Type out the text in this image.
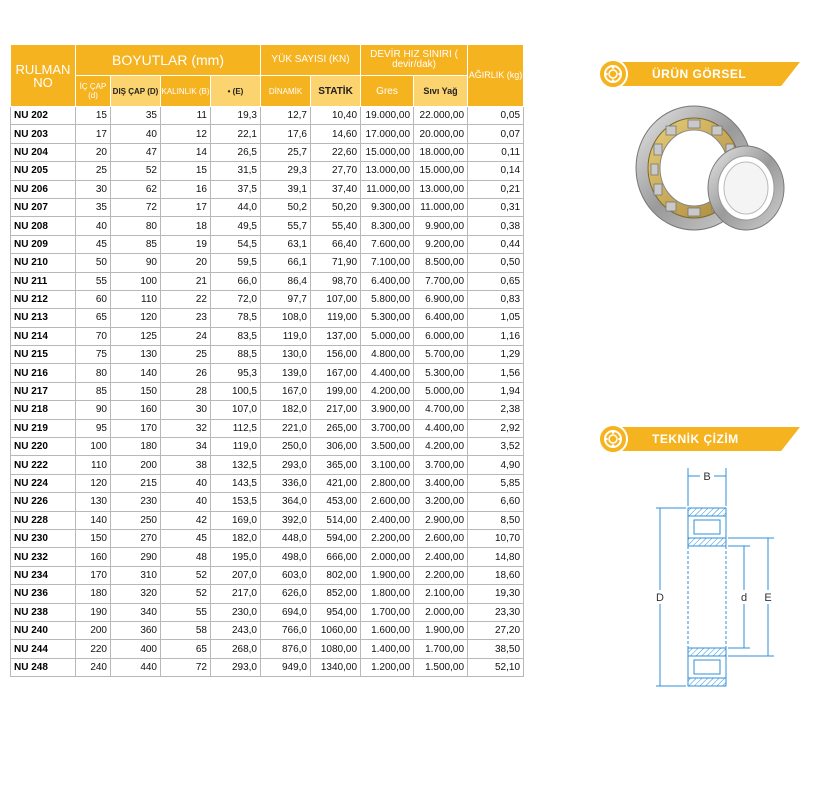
RULMAN NO	BOYUTLAR (mm)				YÜK SAYISI (KN)		DEVİR HIZ SINIRI ( devir/dak)		AĞIRLIK (kg)
	İÇ ÇAP (d)	DIŞ ÇAP (D)	KALINLIK (B)	• (E)	DİNAMİK	STATİK	Gres	Sıvı Yağ	
NU 202	15	35	11	19,3	12,7	10,40	19.000,00	22.000,00	0,05
NU 203	17	40	12	22,1	17,6	14,60	17.000,00	20.000,00	0,07
NU 204	20	47	14	26,5	25,7	22,60	15.000,00	18.000,00	0,11
NU 205	25	52	15	31,5	29,3	27,70	13.000,00	15.000,00	0,14
NU 206	30	62	16	37,5	39,1	37,40	11.000,00	13.000,00	0,21
NU 207	35	72	17	44,0	50,2	50,20	9.300,00	11.000,00	0,31
NU 208	40	80	18	49,5	55,7	55,40	8.300,00	9.900,00	0,38
NU 209	45	85	19	54,5	63,1	66,40	7.600,00	9.200,00	0,44
NU 210	50	90	20	59,5	66,1	71,90	7.100,00	8.500,00	0,50
NU 211	55	100	21	66,0	86,4	98,70	6.400,00	7.700,00	0,65
NU 212	60	110	22	72,0	97,7	107,00	5.800,00	6.900,00	0,83
NU 213	65	120	23	78,5	108,0	119,00	5.300,00	6.400,00	1,05
NU 214	70	125	24	83,5	119,0	137,00	5.000,00	6.000,00	1,16
NU 215	75	130	25	88,5	130,0	156,00	4.800,00	5.700,00	1,29
NU 216	80	140	26	95,3	139,0	167,00	4.400,00	5.300,00	1,56
NU 217	85	150	28	100,5	167,0	199,00	4.200,00	5.000,00	1,94
NU 218	90	160	30	107,0	182,0	217,00	3.900,00	4.700,00	2,38
NU 219	95	170	32	112,5	221,0	265,00	3.700,00	4.400,00	2,92
NU 220	100	180	34	119,0	250,0	306,00	3.500,00	4.200,00	3,52
NU 222	110	200	38	132,5	293,0	365,00	3.100,00	3.700,00	4,90
NU 224	120	215	40	143,5	336,0	421,00	2.800,00	3.400,00	5,85
NU 226	130	230	40	153,5	364,0	453,00	2.600,00	3.200,00	6,60
NU 228	140	250	42	169,0	392,0	514,00	2.400,00	2.900,00	8,50
NU 230	150	270	45	182,0	448,0	594,00	2.200,00	2.600,00	10,70
NU 232	160	290	48	195,0	498,0	666,00	2.000,00	2.400,00	14,80
NU 234	170	310	52	207,0	603,0	802,00	1.900,00	2.200,00	18,60
NU 236	180	320	52	217,0	626,0	852,00	1.800,00	2.100,00	19,30
NU 238	190	340	55	230,0	694,0	954,00	1.700,00	2.000,00	23,30
NU 240	200	360	58	243,0	766,0	1060,00	1.600,00	1.900,00	27,20
NU 244	220	400	65	268,0	876,0	1080,00	1.400,00	1.700,00	38,50
NU 248	240	440	72	293,0	949,0	1340,00	1.200,00	1.500,00	52,10
ÜRÜN GÖRSEL
TEKNİK ÇİZİM
B
D	d E
